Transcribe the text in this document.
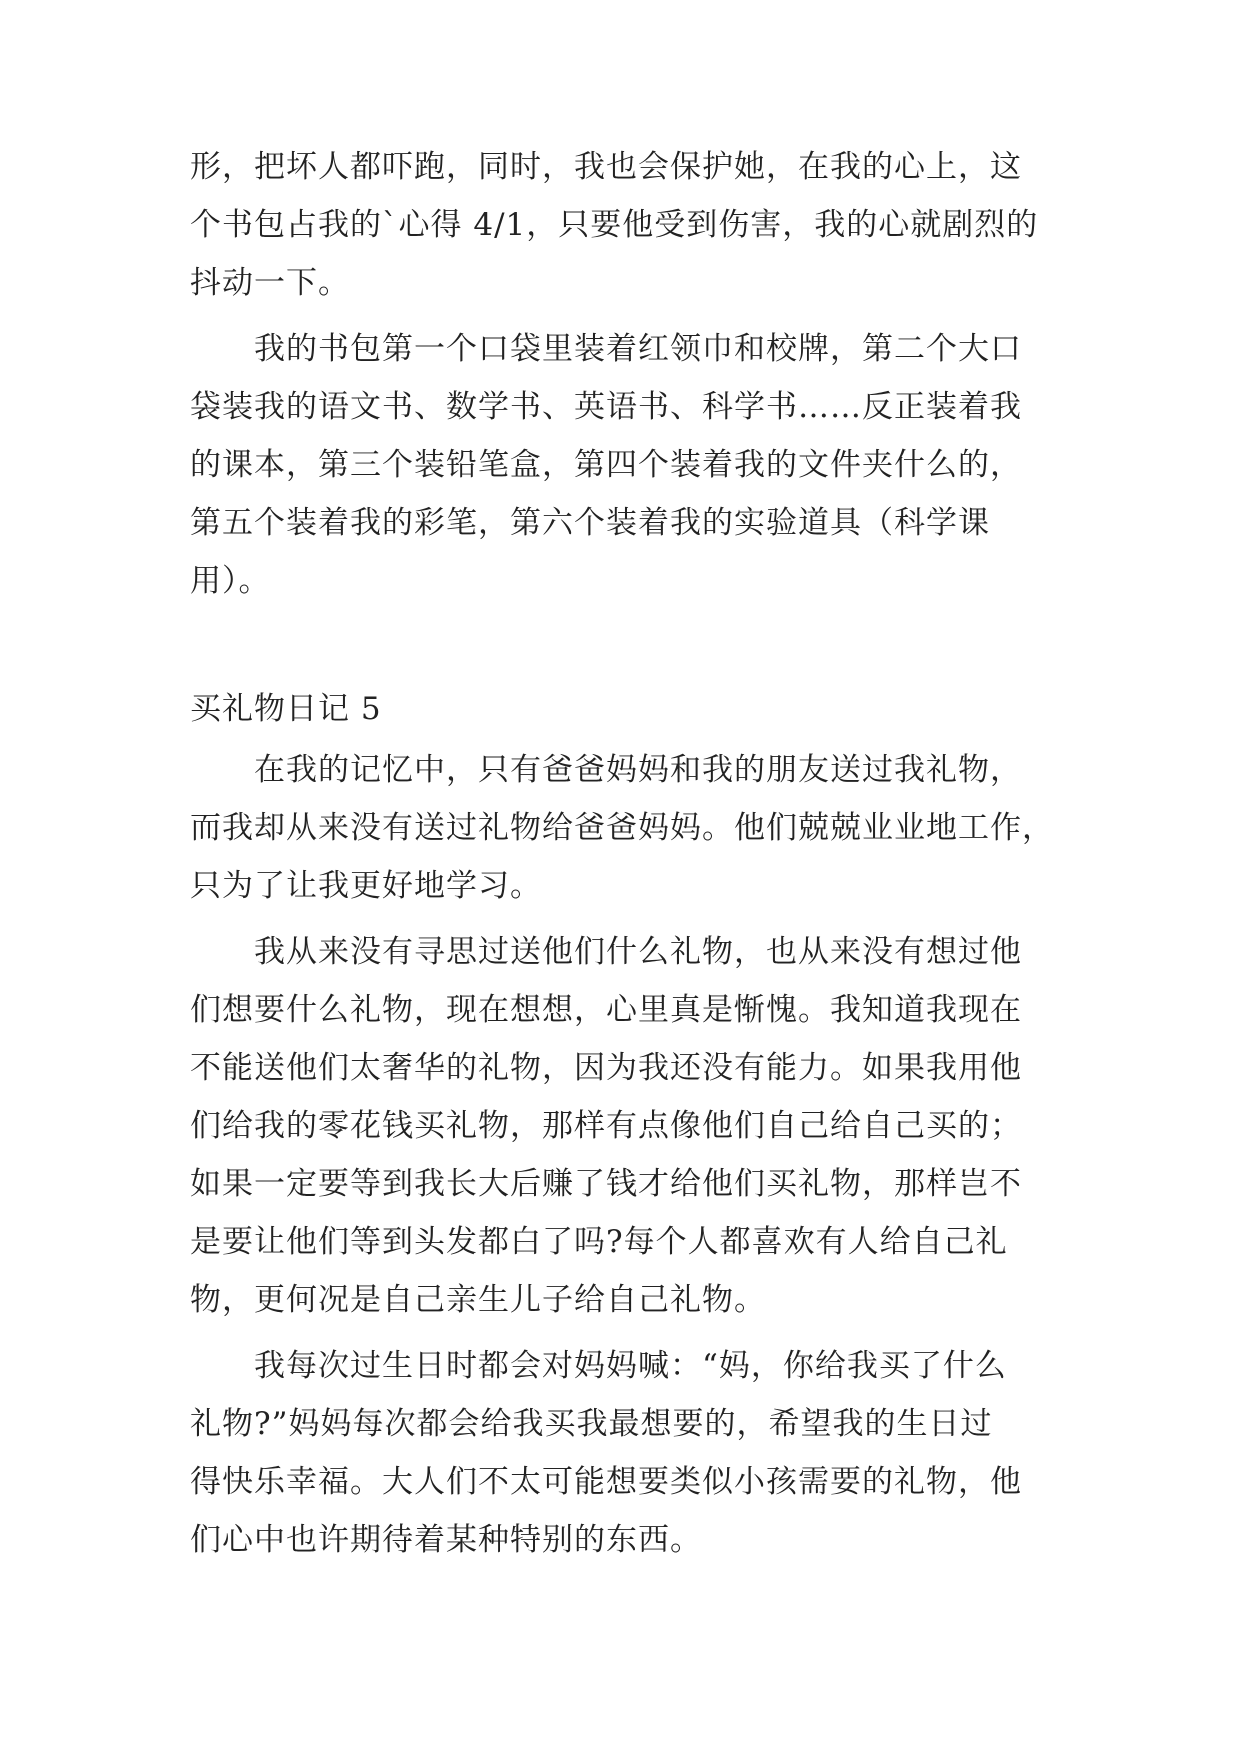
形，把坏人都吓跑，同时，我也会保护她，在我的心上，这
个书包占我的`心得 4/1，只要他受到伤害，我的心就剧烈的
抖动一下。
　　我的书包第一个口袋里装着红领巾和校牌，第二个大口
袋装我的语文书、数学书、英语书、科学书……反正装着我
的课本，第三个装铅笔盒，第四个装着我的文件夹什么的，
第五个装着我的彩笔，第六个装着我的实验道具（科学课
用）。
买礼物日记 5
　　在我的记忆中，只有爸爸妈妈和我的朋友送过我礼物，
而我却从来没有送过礼物给爸爸妈妈。他们兢兢业业地工作，
只为了让我更好地学习。
　　我从来没有寻思过送他们什么礼物，也从来没有想过他
们想要什么礼物，现在想想，心里真是惭愧。我知道我现在
不能送他们太奢华的礼物，因为我还没有能力。如果我用他
们给我的零花钱买礼物，那样有点像他们自己给自己买的；
如果一定要等到我长大后赚了钱才给他们买礼物，那样岂不
是要让他们等到头发都白了吗?每个人都喜欢有人给自己礼
物，更何况是自己亲生儿子给自己礼物。
　　我每次过生日时都会对妈妈喊：“妈，你给我买了什么
礼物?”妈妈每次都会给我买我最想要的，希望我的生日过
得快乐幸福。大人们不太可能想要类似小孩需要的礼物，他
们心中也许期待着某种特别的东西。
